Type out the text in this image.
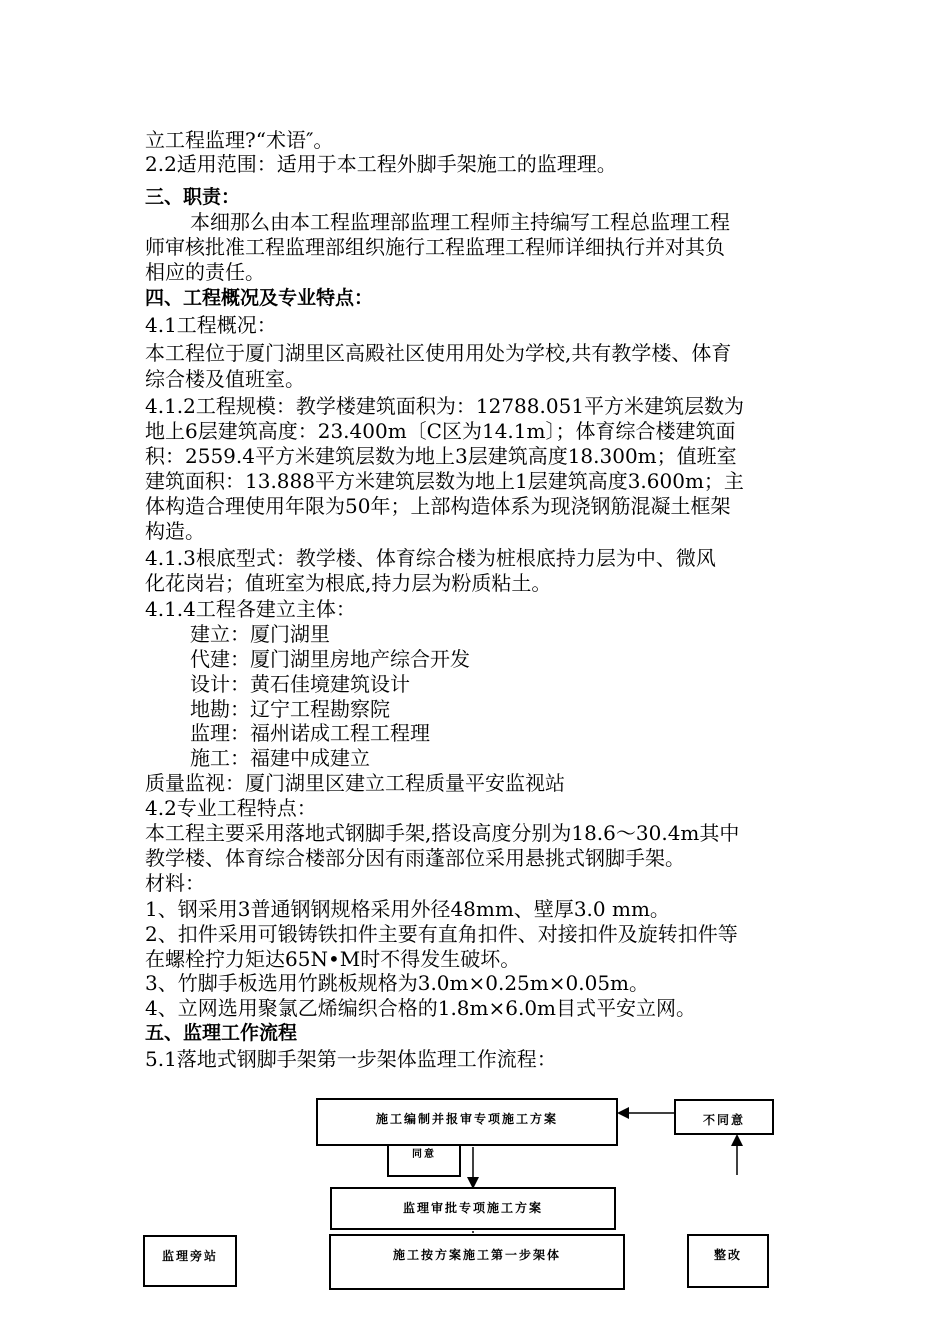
立工程监理?“术语″。
2.2适用范围：适用于本工程外脚手架施工的监理理。
三、职责：
本细那么由本工程监理部监理工程师主持编写工程总监理工程
师审核批准工程监理部组织施行工程监理工程师详细执行并对其负
相应的责任。
四、工程概况及专业特点：
4.1工程概况：
本工程位于厦门湖里区高殿社区使用用处为学校,共有教学楼、体育
综合楼及值班室。
4.1.2工程规模：教学楼建筑面积为：12788.051平方米建筑层数为
地上6层建筑高度：23.400m〔C区为14.1m〕；体育综合楼建筑面
积：2559.4平方米建筑层数为地上3层建筑高度18.300m；值班室
建筑面积：13.888平方米建筑层数为地上1层建筑高度3.600m；主
体构造合理使用年限为50年；上部构造体系为现浇钢筋混凝土框架
构造。
4.1.3根底型式：教学楼、体育综合楼为桩根底持力层为中、微风
化花岗岩；值班室为根底,持力层为粉质粘土。
4.1.4工程各建立主体：
建立：厦门湖里
代建：厦门湖里房地产综合开发
设计：黄石佳境建筑设计
地勘：辽宁工程勘察院
监理：福州诺成工程工程理
施工：福建中成建立
质量监视：厦门湖里区建立工程质量平安监视站
4.2专业工程特点：
本工程主要采用落地式钢脚手架,搭设高度分别为18.6～30.4m其中
教学楼、体育综合楼部分因有雨蓬部位采用悬挑式钢脚手架。
材料：
1、钢采用3普通钢钢规格采用外径48mm、壁厚3.0 mm。
2、扣件采用可锻铸铁扣件主要有直角扣件、对接扣件及旋转扣件等
在螺栓拧力矩达65N•M时不得发生破坏。
3、竹脚手板选用竹跳板规格为3.0m×0.25m×0.05m。
4、立网选用聚氯乙烯编织合格的1.8m×6.0m目式平安立网。
五、监理工作流程
5.1落地式钢脚手架第一步架体监理工作流程：
同意
施工编制并报审专项施工方案	不同意
监理审批专项施工方案
监理旁站	施工按方案施工第一步架体	整改
